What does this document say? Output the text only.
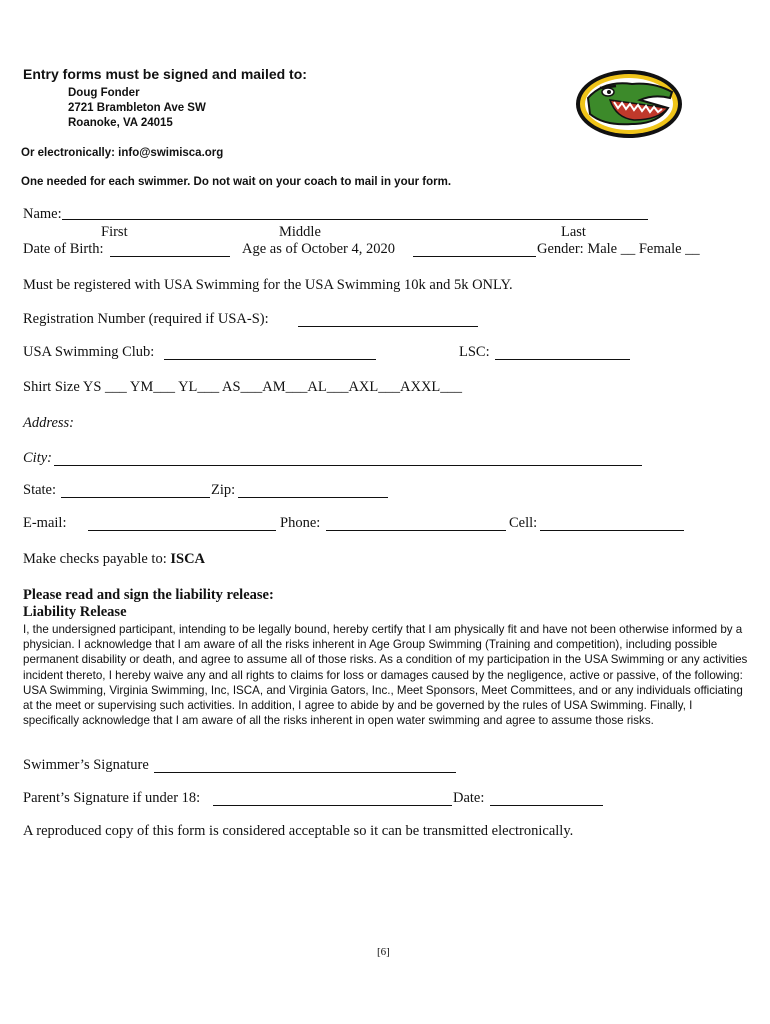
Entry forms must be signed and mailed to:
Doug Fonder
2721 Brambleton Ave SW
Roanoke, VA 24015
Or electronically: info@swimisca.org
One needed for each swimmer. Do not wait on your coach to mail in your form.
Name:
First	Middle	Last
Date of Birth:	Age as of October 4, 2020	Gender: Male __ Female __
Must be registered with USA Swimming for the USA Swimming 10k and 5k ONLY.
Registration Number (required if USA-S):
USA Swimming Club:	LSC:
Shirt Size YS ___ YM___ YL___ AS___AM___AL___AXL___AXXL___
Address:
City:
State:	Zip:
E-mail:	Phone:	Cell:
Make checks payable to: ISCA
Please read and sign the liability release:
Liability Release

I, the undersigned participant, intending to be legally bound, hereby certify that I am physically fit and have not been otherwise informed by a physician. I acknowledge that I am aware of all the risks inherent in Age Group Swimming (Training and competition), including possible permanent disability or death, and agree to assume all of those risks. As a condition of my participation in the USA Swimming or any activities incident thereto, I hereby waive any and all rights to claims for loss or damages caused by the negligence, active or passive, of the following: USA Swimming, Virginia Swimming, Inc, ISCA, and Virginia Gators, Inc., Meet Sponsors, Meet Committees, and or any individuals officiating at the meet or supervising such activities. In addition, I agree to abide by and be governed by the rules of USA Swimming. Finally, I specifically acknowledge that I am aware of all the risks inherent in open water swimming and agree to assume those risks.

Swimmer’s Signature
Parent’s Signature if under 18:	Date:
A reproduced copy of this form is considered acceptable so it can be transmitted electronically.
[6]
